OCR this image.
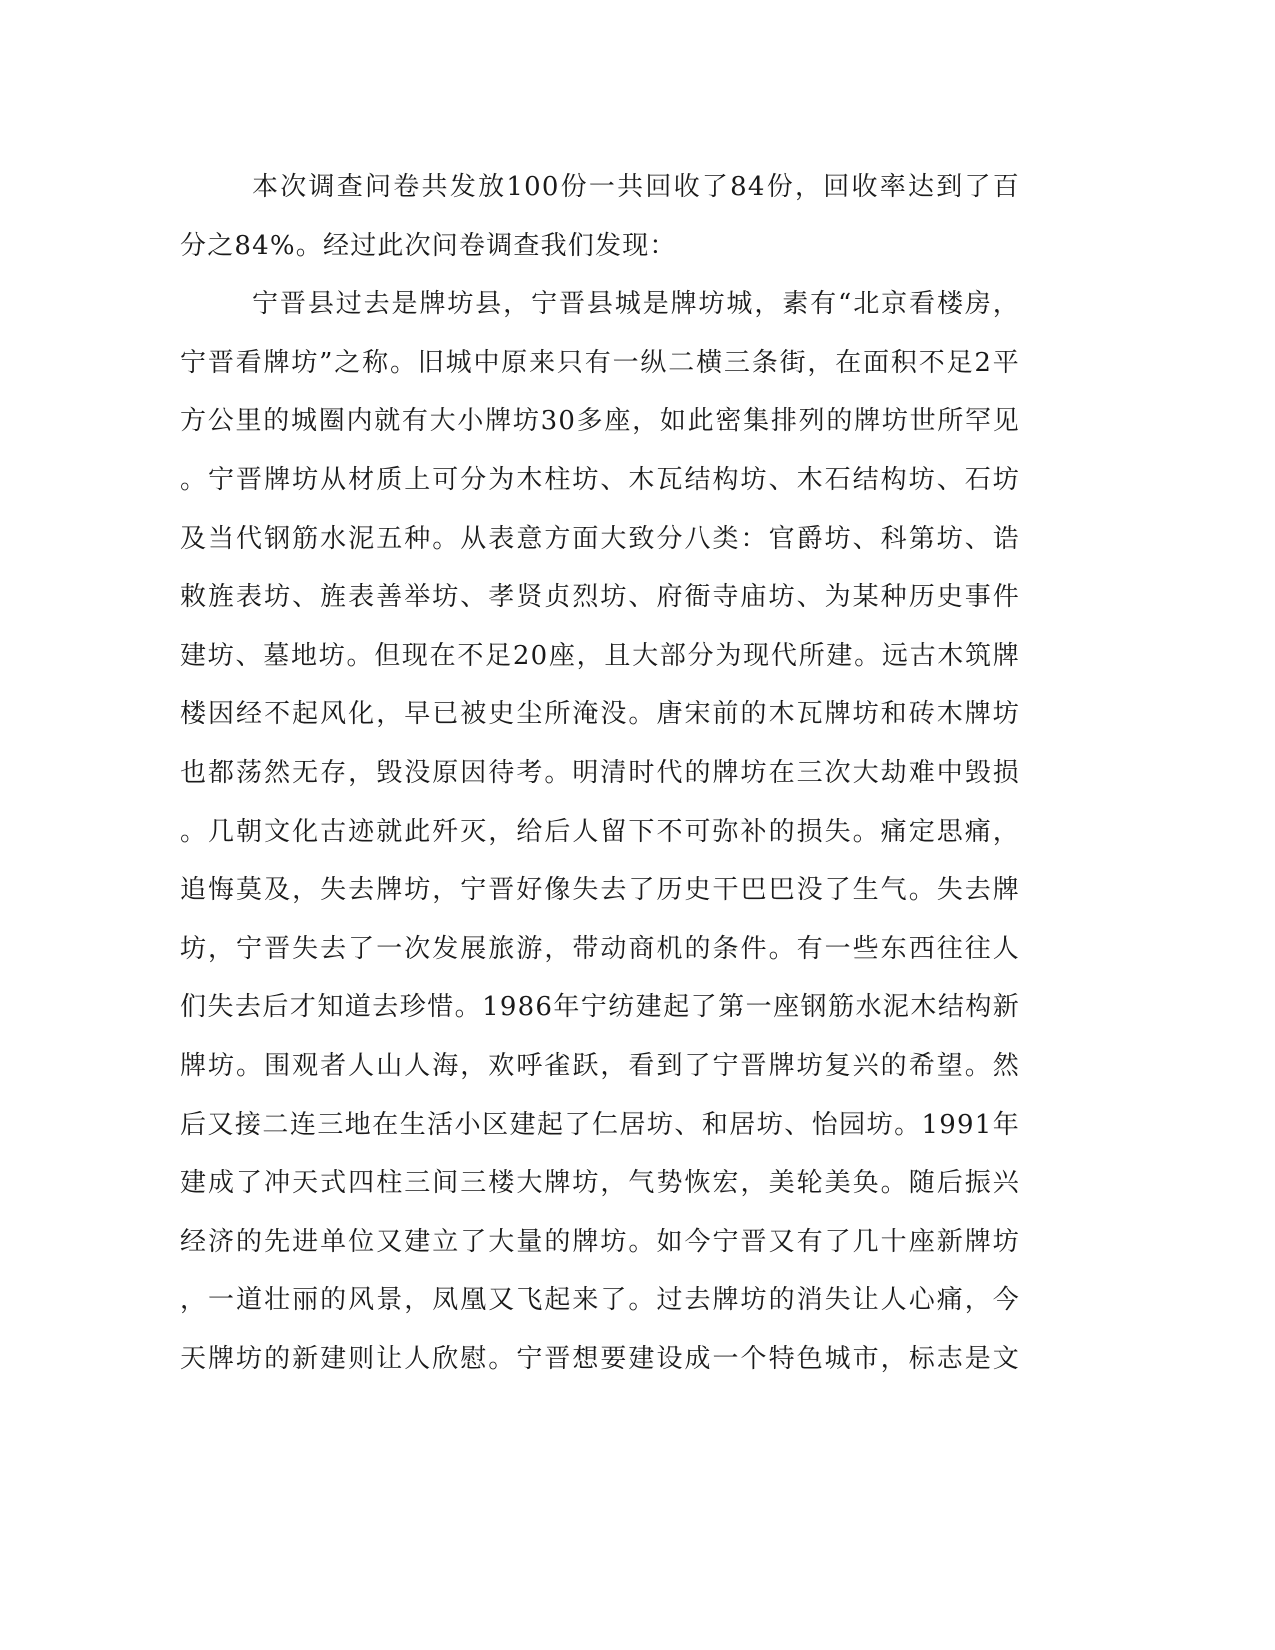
本次调查问卷共发放100份一共回收了84份，回收率达到了百
分之84%。经过此次问卷调查我们发现：
宁晋县过去是牌坊县，宁晋县城是牌坊城，素有“北京看楼房，
宁晋看牌坊”之称。旧城中原来只有一纵二横三条街，在面积不足2平
方公里的城圈内就有大小牌坊30多座，如此密集排列的牌坊世所罕见
。宁晋牌坊从材质上可分为木柱坊、木瓦结构坊、木石结构坊、石坊
及当代钢筋水泥五种。从表意方面大致分八类：官爵坊、科第坊、诰
敕旌表坊、旌表善举坊、孝贤贞烈坊、府衙寺庙坊、为某种历史事件
建坊、墓地坊。但现在不足20座，且大部分为现代所建。远古木筑牌
楼因经不起风化，早已被史尘所淹没。唐宋前的木瓦牌坊和砖木牌坊
也都荡然无存，毁没原因待考。明清时代的牌坊在三次大劫难中毁损
。几朝文化古迹就此歼灭，给后人留下不可弥补的损失。痛定思痛，
追悔莫及，失去牌坊，宁晋好像失去了历史干巴巴没了生气。失去牌
坊，宁晋失去了一次发展旅游，带动商机的条件。有一些东西往往人
们失去后才知道去珍惜。1986年宁纺建起了第一座钢筋水泥木结构新
牌坊。围观者人山人海，欢呼雀跃，看到了宁晋牌坊复兴的希望。然
后又接二连三地在生活小区建起了仁居坊、和居坊、怡园坊。1991年
建成了冲天式四柱三间三楼大牌坊，气势恢宏，美轮美奂。随后振兴
经济的先进单位又建立了大量的牌坊。如今宁晋又有了几十座新牌坊
，一道壮丽的风景，凤凰又飞起来了。过去牌坊的消失让人心痛，今
天牌坊的新建则让人欣慰。宁晋想要建设成一个特色城市，标志是文
